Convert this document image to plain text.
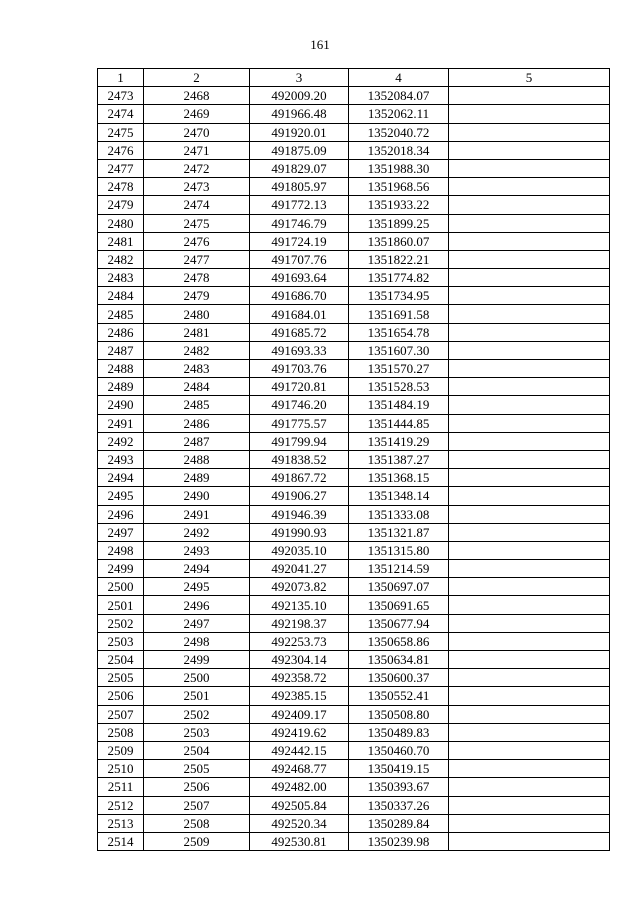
161
1	2	3	4	5
2473	2468	492009.20	1352084.07	
2474	2469	491966.48	1352062.11	
2475	2470	491920.01	1352040.72	
2476	2471	491875.09	1352018.34	
2477	2472	491829.07	1351988.30	
2478	2473	491805.97	1351968.56	
2479	2474	491772.13	1351933.22	
2480	2475	491746.79	1351899.25	
2481	2476	491724.19	1351860.07	
2482	2477	491707.76	1351822.21	
2483	2478	491693.64	1351774.82	
2484	2479	491686.70	1351734.95	
2485	2480	491684.01	1351691.58	
2486	2481	491685.72	1351654.78	
2487	2482	491693.33	1351607.30	
2488	2483	491703.76	1351570.27	
2489	2484	491720.81	1351528.53	
2490	2485	491746.20	1351484.19	
2491	2486	491775.57	1351444.85	
2492	2487	491799.94	1351419.29	
2493	2488	491838.52	1351387.27	
2494	2489	491867.72	1351368.15	
2495	2490	491906.27	1351348.14	
2496	2491	491946.39	1351333.08	
2497	2492	491990.93	1351321.87	
2498	2493	492035.10	1351315.80	
2499	2494	492041.27	1351214.59	
2500	2495	492073.82	1350697.07	
2501	2496	492135.10	1350691.65	
2502	2497	492198.37	1350677.94	
2503	2498	492253.73	1350658.86	
2504	2499	492304.14	1350634.81	
2505	2500	492358.72	1350600.37	
2506	2501	492385.15	1350552.41	
2507	2502	492409.17	1350508.80	
2508	2503	492419.62	1350489.83	
2509	2504	492442.15	1350460.70	
2510	2505	492468.77	1350419.15	
2511	2506	492482.00	1350393.67	
2512	2507	492505.84	1350337.26	
2513	2508	492520.34	1350289.84	
2514	2509	492530.81	1350239.98	
